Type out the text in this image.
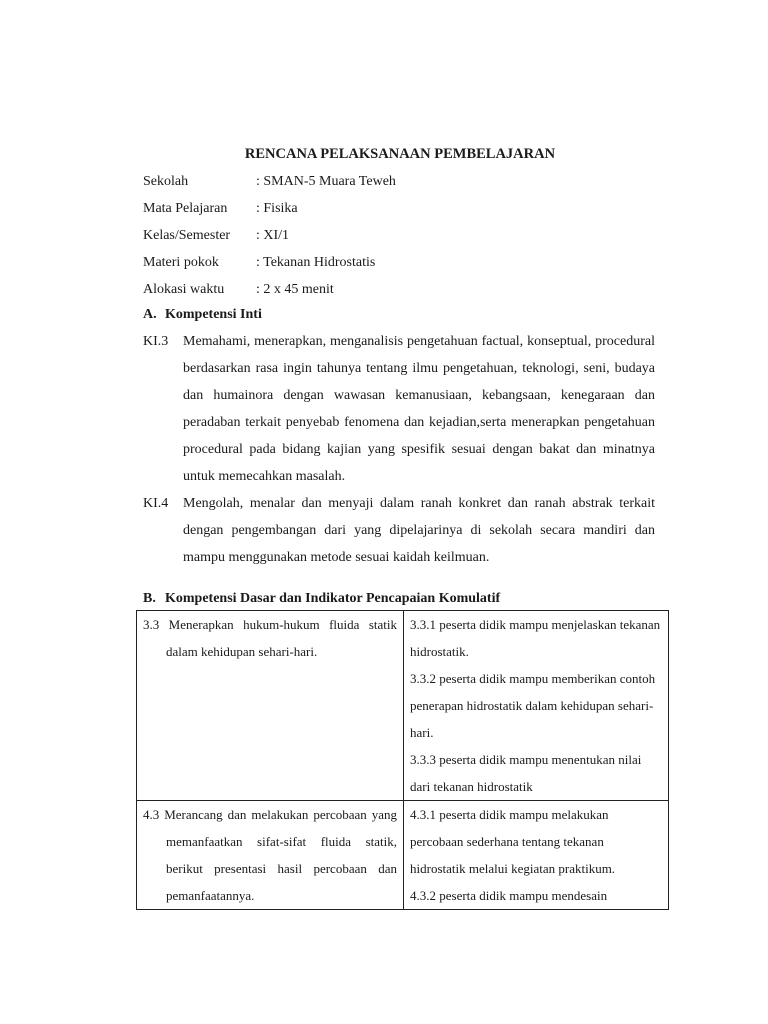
RENCANA PELAKSANAAN PEMBELAJARAN
Sekolah	: SMAN-5 Muara Teweh
Mata Pelajaran : Fisika
Kelas/Semester : XI/1
Materi pokok	: Tekanan Hidrostatis
Alokasi waktu : 2 x 45 menit
A. Kompetensi Inti
KI.3 Memahami, menerapkan, menganalisis pengetahuan factual, konseptual, procedural berdasarkan rasa ingin tahunya tentang ilmu pengetahuan, teknologi, seni, budaya dan humainora dengan wawasan kemanusiaan, kebangsaan, kenegaraan dan peradaban terkait penyebab fenomena dan kejadian,serta menerapkan pengetahuan procedural pada bidang kajian yang spesifik sesuai dengan bakat dan minatnya untuk memecahkan masalah.
KI.4 Mengolah, menalar dan menyaji dalam ranah konkret dan ranah abstrak terkait dengan pengembangan dari yang dipelajarinya di sekolah secara mandiri dan mampu menggunakan metode sesuai kaidah keilmuan.
B. Kompetensi Dasar dan Indikator Pencapaian Komulatif
3.3 Menerapkan hukum-hukum fluida statik dalam kehidupan sehari-hari.	3.3.1 peserta didik mampu menjelaskan tekanan hidrostatik.
3.3.2 peserta didik mampu memberikan contoh penerapan hidrostatik dalam kehidupan sehari-hari.
3.3.3 peserta didik mampu menentukan nilai dari tekanan hidrostatik

4.3 Merancang dan melakukan percobaan yang memanfaatkan sifat-sifat fluida statik, berikut presentasi hasil percobaan dan pemanfaatannya.	4.3.1 peserta didik mampu melakukan percobaan sederhana tentang tekanan hidrostatik melalui kegiatan praktikum.
4.3.2 peserta didik mampu mendesain
